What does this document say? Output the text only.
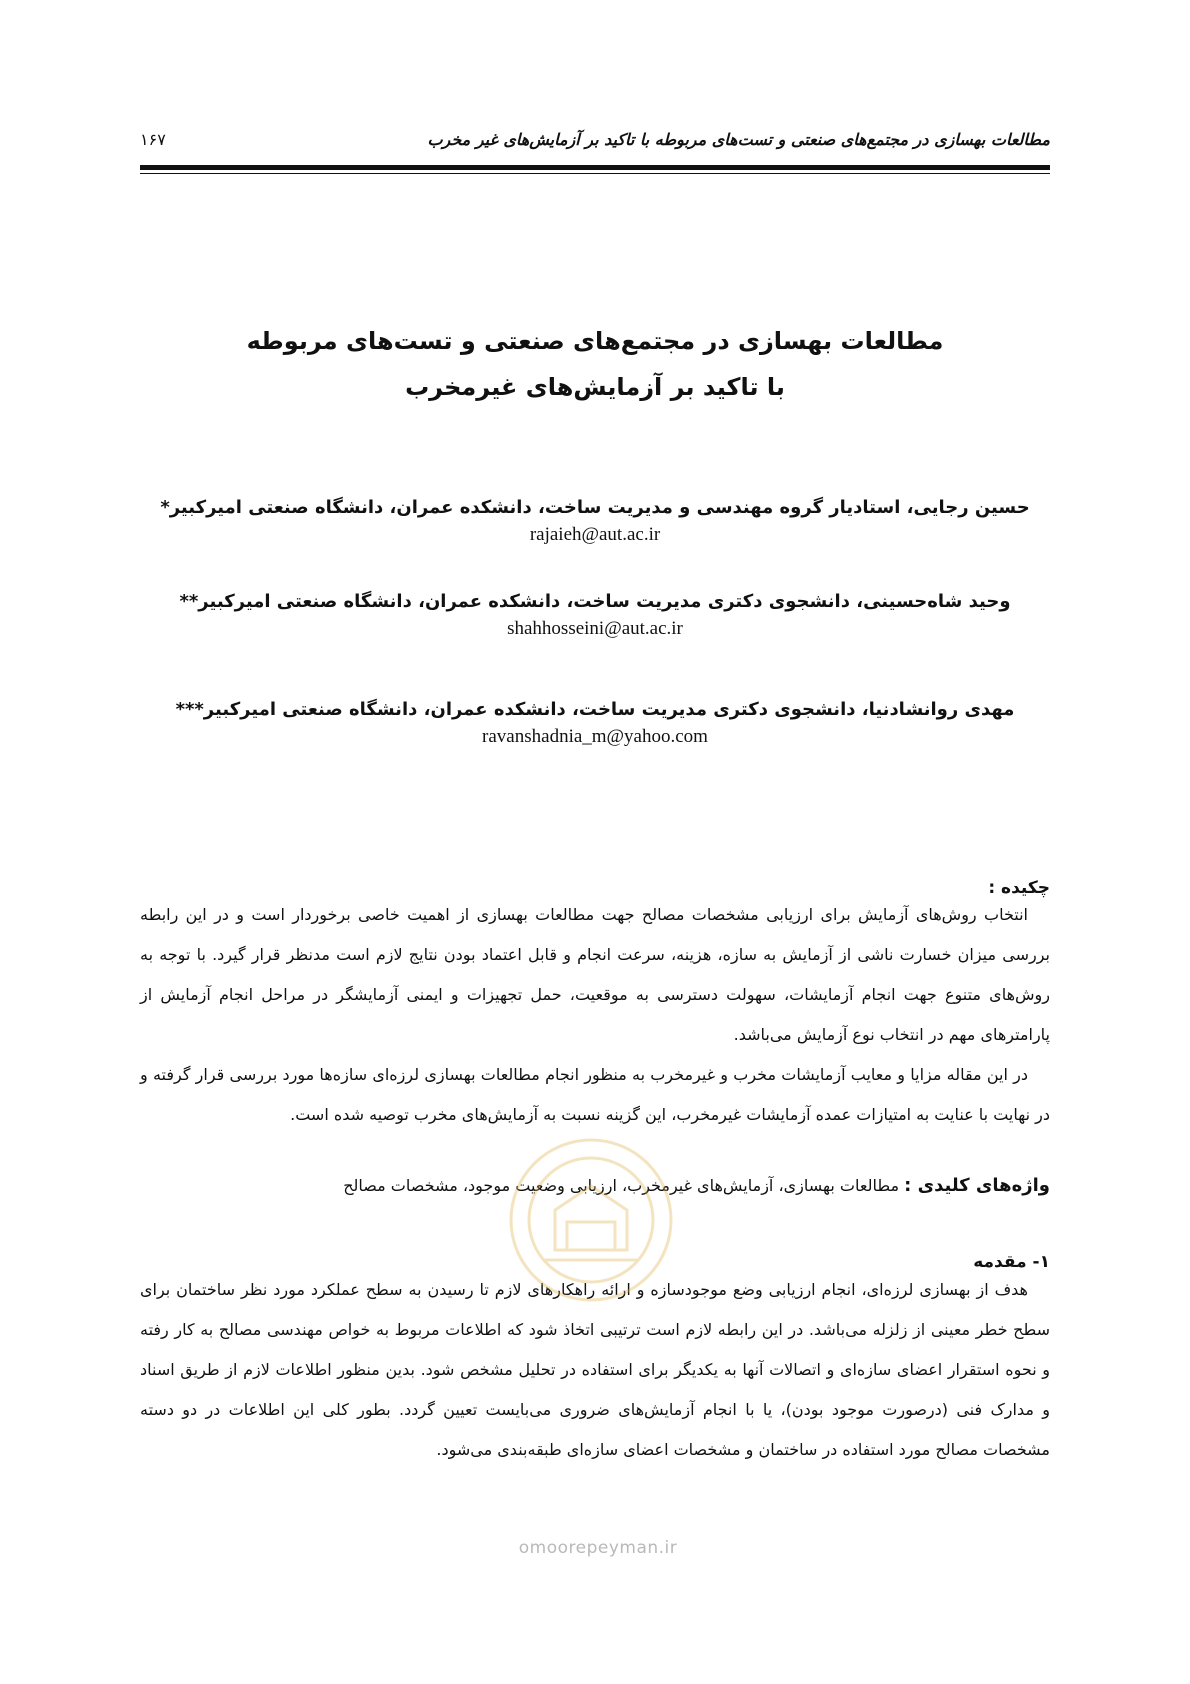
مطالعات بهسازی در مجتمع‌های صنعتی و تست‌های مربوطه با تاکید بر آزمایش‌های غیر مخرب
۱۶۷
مطالعات بهسازی در مجتمع‌های صنعتی و تست‌های مربوطه
با تاکید بر آزمایش‌های غیرمخرب
حسین رجایی، استادیار گروه مهندسی و مدیریت ساخت، دانشکده عمران، دانشگاه صنعتی امیرکبیر*
rajaieh@aut.ac.ir
وحید شاه‌حسینی، دانشجوی دکتری مدیریت ساخت، دانشکده عمران، دانشگاه صنعتی امیرکبیر**
shahhosseini@aut.ac.ir
مهدی روانشادنیا، دانشجوی دکتری مدیریت ساخت، دانشکده عمران، دانشگاه صنعتی امیرکبیر***
ravanshadnia_m@yahoo.com
چکیده :
انتخاب روش‌های آزمایش برای ارزیابی مشخصات مصالح جهت مطالعات بهسازی از اهمیت خاصی برخوردار است و در این رابطه بررسی میزان خسارت ناشی از آزمایش به سازه، هزینه، سرعت انجام و قابل اعتماد بودن نتایج لازم است مدنظر قرار گیرد. با توجه به روش‌های متنوع جهت انجام آزمایشات، سهولت دسترسی به موقعیت، حمل تجهیزات و ایمنی آزمایشگر در مراحل انجام آزمایش از پارامترهای مهم در انتخاب نوع آزمایش می‌باشد.
در این مقاله مزایا و معایب آزمایشات مخرب و غیرمخرب به منظور انجام مطالعات بهسازی لرزه‌ای سازه‌ها مورد بررسی قرار گرفته و در نهایت با عنایت به امتیازات عمده آزمایشات غیرمخرب، این گزینه نسبت به آزمایش‌های مخرب توصیه شده است.
واژه‌های کلیدی : مطالعات بهسازی، آزمایش‌های غیرمخرب، ارزیابی وضعیت موجود، مشخصات مصالح
۱- مقدمه
هدف از بهسازی لرزه‌ای، انجام ارزیابی وضع موجودسازه و ارائه راهکارهای لازم تا رسیدن به سطح عملکرد مورد نظر ساختمان برای سطح خطر معینی از زلزله می‌باشد. در این رابطه لازم است ترتیبی اتخاذ شود که اطلاعات مربوط به خواص مهندسی مصالح به کار رفته و نحوه استقرار اعضای سازه‌ای و اتصالات آنها به یکدیگر برای استفاده در تحلیل مشخص شود. بدین منظور اطلاعات لازم از طریق اسناد و مدارک فنی (درصورت موجود بودن)، یا با انجام آزمایش‌های ضروری می‌بایست تعیین گردد. بطور کلی این اطلاعات در دو دسته مشخصات مصالح مورد استفاده در ساختمان و مشخصات اعضای سازه‌ای طبقه‌بندی می‌شود.
omoorepeyman.ir
